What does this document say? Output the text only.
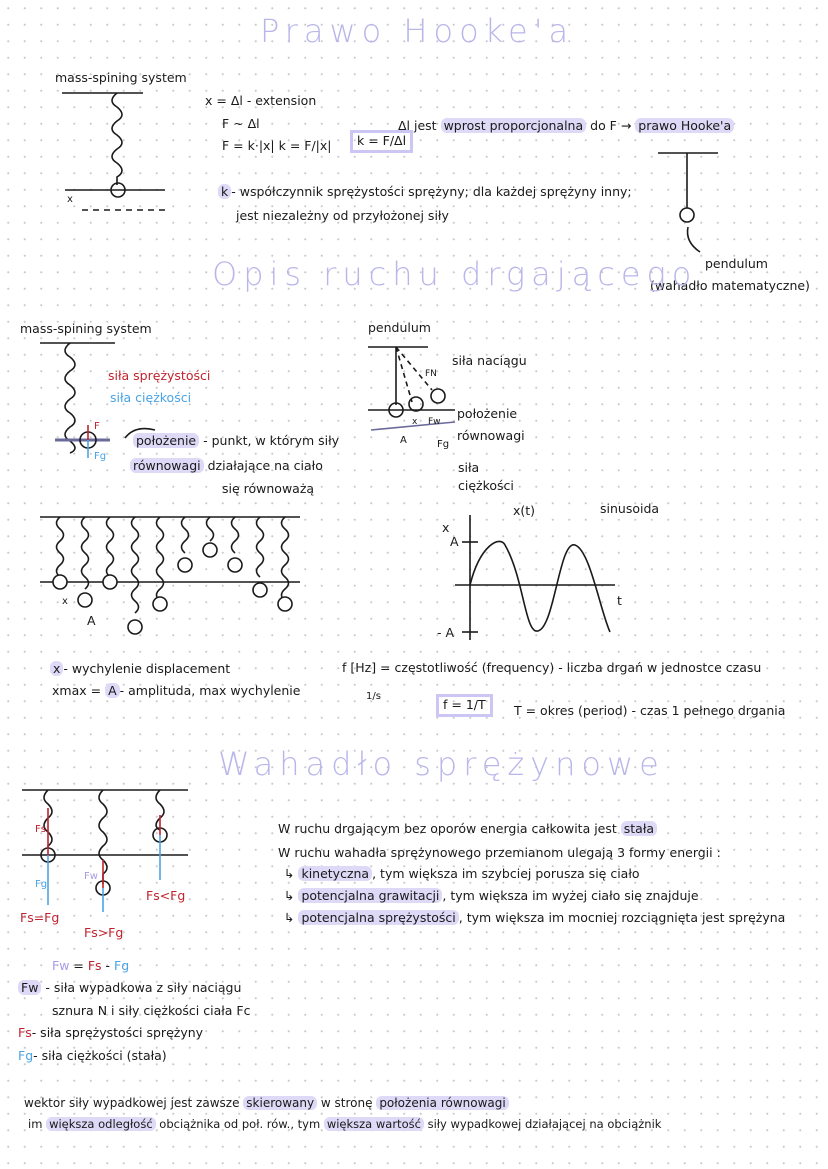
Prawo Hooke'a
mass-spining system
x
x = Δl - extension
F ~ Δl
F = k·|x| k = F/|x|	k = F/Δl
Δl jest wprost proporcjonalna do F → prawo Hooke'a
k - współczynnik sprężystości sprężyny; dla każdej sprężyny inny;
jest niezależny od przyłożonej siły
pendulum
(wahadło matematyczne)
Opis ruchu drgającego
mass-spining system
siła sprężystości
siła ciężkości
F
Fg
położenie - punkt, w którym siły
równowagi działające na ciało
się równoważą
pendulum
siła naciągu
FN
x Fw
A	Fg
położenie
równowagi
siła
ciężkości
x
x(t)
A
- A
t
sinusoida
x
A
x - wychylenie displacement
xmax = A - amplituda, max wychylenie
f [Hz] = częstotliwość (frequency) - liczba drgań w jednostce czasu
1/s
f = 1/T	T = okres (period) - czas 1 pełnego drgania
Wahadło sprężynowe
Fs
Fg
Fw
Fs=Fg
Fs>Fg
Fs<Fg
W ruchu drgającym bez oporów energia całkowita jest stała
W ruchu wahadła sprężynowego przemianom ulegają 3 formy energii :
↳ kinetyczna , tym większa im szybciej porusza się ciało
↳ potencjalna grawitacji , tym większa im wyżej ciało się znajduje
↳ potencjalna sprężystości , tym większa im mocniej rozciągnięta jest sprężyna
Fw = Fs - Fg
Fw - siła wypadkowa z siły naciągu
sznura N i siły ciężkości ciała Fc
Fs- siła sprężystości sprężyny
Fg- siła ciężkości (stała)
wektor siły wypadkowej jest zawsze skierowany w stronę położenia równowagi
im większa odległość obciążnika od poł. rów., tym większa wartość siły wypadkowej działającej na obciążnik
